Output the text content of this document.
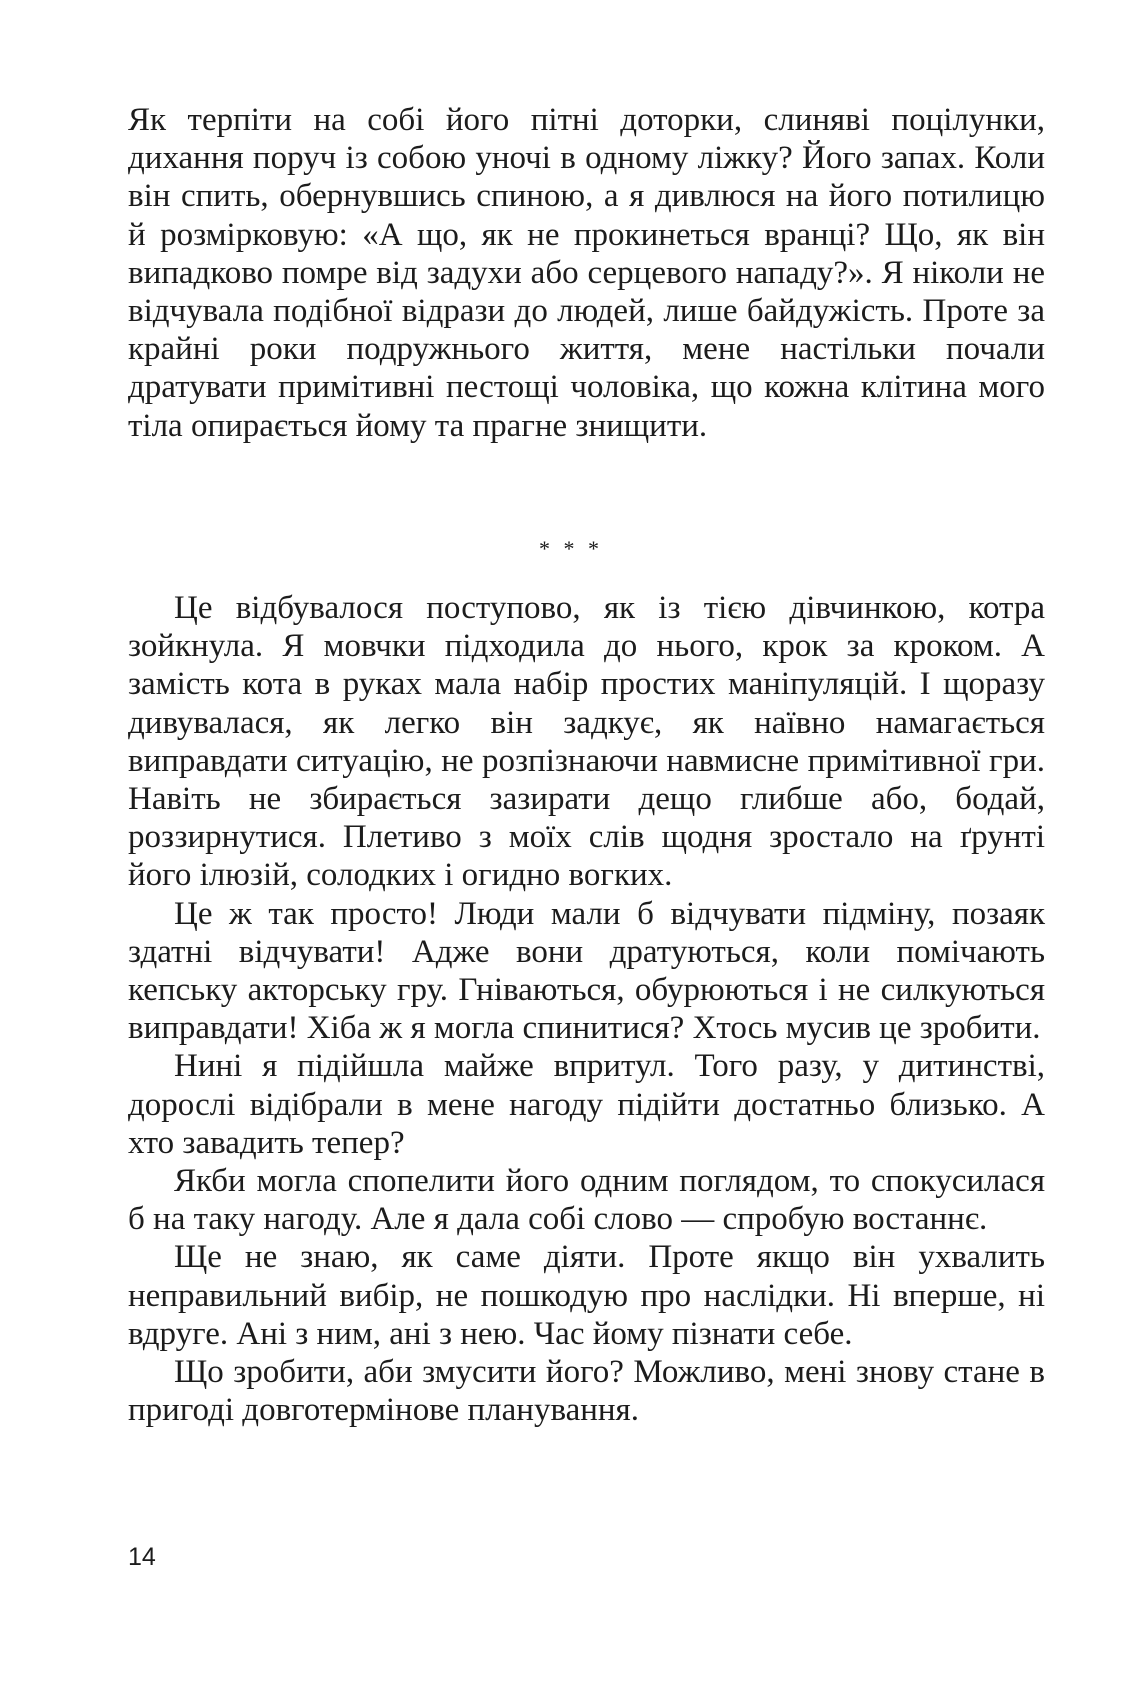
Як терпіти на собі його пітні доторки, слиняві поцілунки, дихання поруч із собою уночі в одному ліжку? Його запах. Коли він спить, обернувшись спиною, а я дивлюся на його потилицю й розмірковую: «А що, як не прокинеться вранці? Що, як він випадково помре від задухи або серцевого нападу?». Я ніколи не відчувала подібної відрази до людей, лише байдужість. Проте за крайні роки подружнього життя, мене настільки почали дратувати примітивні пестощі чоловіка, що кожна клітина мого тіла опирається йому та прагне знищити.

* * *

Це відбувалося поступово, як із тією дівчинкою, котра зойкнула. Я мовчки підходила до нього, крок за кроком. А замість кота в руках мала набір простих маніпуляцій. І щоразу дивувалася, як легко він задкує, як наївно намагається виправдати ситуацію, не розпізнаючи навмисне примітивної гри. Навіть не збирається зазирати дещо глибше або, бодай, роззирнутися. Плетиво з моїх слів щодня зростало на ґрунті його ілюзій, солодких і огидно вогких.

Це ж так просто! Люди мали б відчувати підміну, позаяк здатні відчувати! Адже вони дратуються, коли помічають кепську акторську гру. Гніваються, обурюються і не силкуються виправдати! Хіба ж я могла спинитися? Хтось мусив це зробити.

Нині я підійшла майже впритул. Того разу, у дитинстві, дорослі відібрали в мене нагоду підійти достатньо близько. А хто завадить тепер?

Якби могла спопелити його одним поглядом, то спокусилася б на таку нагоду. Але я дала собі слово — спробую востаннє.

Ще не знаю, як саме діяти. Проте якщо він ухвалить неправильний вибір, не пошкодую про наслідки. Ні вперше, ні вдруге. Ані з ним, ані з нею. Час йому пізнати себе.

Що зробити, аби змусити його? Можливо, мені знову стане в пригоді довготермінове планування.

14
